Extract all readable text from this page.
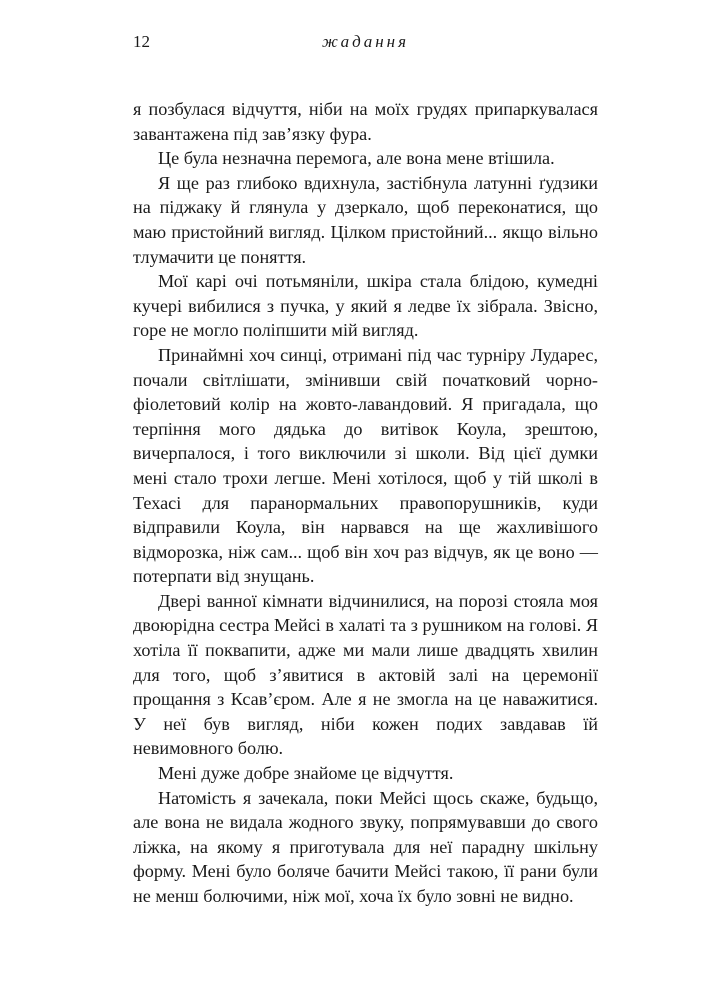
12	жадання

я позбулася відчуття, ніби на моїх грудях припаркувалася завантажена під зав’язку фура.

Це була незначна перемога, але вона мене втішила.

Я ще раз глибоко вдихнула, застібнула латунні ґудзики на піджаку й глянула у дзеркало, щоб переконатися, що маю пристойний вигляд. Цілком пристойний... якщо вільно тлумачити це поняття.

Мої карі очі потьмяніли, шкіра стала блідою, кумедні кучері вибилися з пучка, у який я ледве їх зібрала. Звісно, горе не могло поліпшити мій вигляд.

Принаймні хоч синці, отримані під час турніру Лударес, почали світлішати, змінивши свій початковий чорно-фіолетовий колір на жовто-лавандовий. Я пригадала, що терпіння мого дядька до витівок Коула, зрештою, вичерпалося, і того виключили зі школи. Від цієї думки мені стало трохи легше. Мені хотілося, щоб у тій школі в Техасі для паранормальних правопорушників, куди відправили Коула, він нарвався на ще жахливішого відморозка, ніж сам... щоб він хоч раз відчув, як це воно — потерпати від знущань.

Двері ванної кімнати відчинилися, на порозі стояла моя двоюрідна сестра Мейсі в халаті та з рушником на голові. Я хотіла її поквапити, адже ми мали лише двадцять хвилин для того, щоб з’явитися в актовій залі на церемонії прощання з Ксав’єром. Але я не змогла на це наважитися. У неї був вигляд, ніби кожен подих завдавав їй невимовного болю.

Мені дуже добре знайоме це відчуття.

Натомість я зачекала, поки Мейсі щось скаже, будьщо, але вона не видала жодного звуку, попрямувавши до свого ліжка, на якому я приготувала для неї парадну шкільну форму. Мені було боляче бачити Мейсі такою, її рани були не менш болючими, ніж мої, хоча їх було зовні не видно.
